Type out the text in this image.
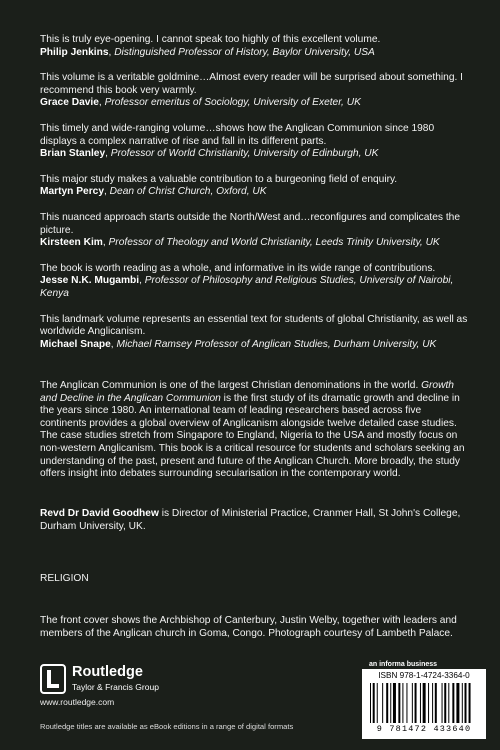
This is truly eye-opening. I cannot speak too highly of this excellent volume.
Philip Jenkins, Distinguished Professor of History, Baylor University, USA
This volume is a veritable goldmine…Almost every reader will be surprised about something. I recommend this book very warmly.
Grace Davie, Professor emeritus of Sociology, University of Exeter, UK
This timely and wide-ranging volume…shows how the Anglican Communion since 1980 displays a complex narrative of rise and fall in its different parts.
Brian Stanley, Professor of World Christianity, University of Edinburgh, UK
This major study makes a valuable contribution to a burgeoning field of enquiry.
Martyn Percy, Dean of Christ Church, Oxford, UK
This nuanced approach starts outside the North/West and…reconfigures and complicates the picture.
Kirsteen Kim, Professor of Theology and World Christianity, Leeds Trinity University, UK
The book is worth reading as a whole, and informative in its wide range of contributions.
Jesse N.K. Mugambi, Professor of Philosophy and Religious Studies, University of Nairobi, Kenya
This landmark volume represents an essential text for students of global Christianity, as well as worldwide Anglicanism.
Michael Snape, Michael Ramsey Professor of Anglican Studies, Durham University, UK
The Anglican Communion is one of the largest Christian denominations in the world. Growth and Decline in the Anglican Communion is the first study of its dramatic growth and decline in the years since 1980. An international team of leading researchers based across five continents provides a global overview of Anglicanism alongside twelve detailed case studies. The case studies stretch from Singapore to England, Nigeria to the USA and mostly focus on non-western Anglicanism. This book is a critical resource for students and scholars seeking an understanding of the past, present and future of the Anglican Church. More broadly, the study offers insight into debates surrounding secularisation in the contemporary world.
Revd Dr David Goodhew is Director of Ministerial Practice, Cranmer Hall, St John's College, Durham University, UK.
RELIGION
The front cover shows the Archbishop of Canterbury, Justin Welby, together with leaders and members of the Anglican church in Goma, Congo. Photograph courtesy of Lambeth Palace.
Routledge
Taylor & Francis Group
www.routledge.com
Routledge titles are available as eBook editions in a range of digital formats
an informa business
ISBN 978-1-4724-3364-0
9 781472 433640
